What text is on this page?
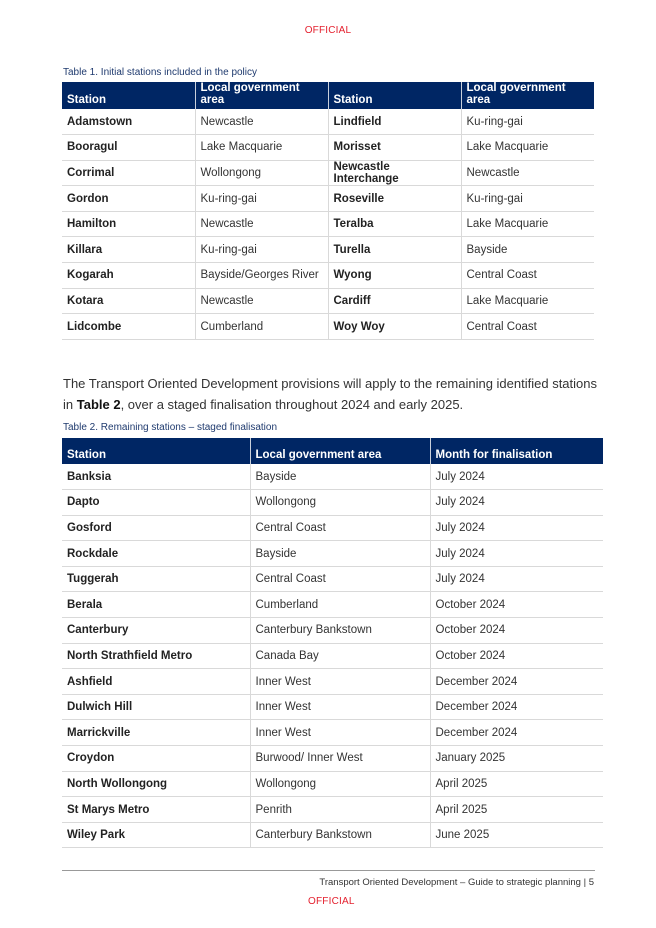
OFFICIAL
Table 1. Initial stations included in the policy
Station	Local government area	Station	Local government area
Adamstown	Newcastle	Lindfield	Ku-ring-gai
Booragul	Lake Macquarie	Morisset	Lake Macquarie
Corrimal	Wollongong	Newcastle Interchange	Newcastle
Gordon	Ku-ring-gai	Roseville	Ku-ring-gai
Hamilton	Newcastle	Teralba	Lake Macquarie
Killara	Ku-ring-gai	Turella	Bayside
Kogarah	Bayside/Georges River	Wyong	Central Coast
Kotara	Newcastle	Cardiff	Lake Macquarie
Lidcombe	Cumberland	Woy Woy	Central Coast
The Transport Oriented Development provisions will apply to the remaining identified stations in Table 2, over a staged finalisation throughout 2024 and early 2025.
Table 2. Remaining stations – staged finalisation
Station	Local government area	Month for finalisation
Banksia	Bayside	July 2024
Dapto	Wollongong	July 2024
Gosford	Central Coast	July 2024
Rockdale	Bayside	July 2024
Tuggerah	Central Coast	July 2024
Berala	Cumberland	October 2024
Canterbury	Canterbury Bankstown	October 2024
North Strathfield Metro	Canada Bay	October 2024
Ashfield	Inner West	December 2024
Dulwich Hill	Inner West	December 2024
Marrickville	Inner West	December 2024
Croydon	Burwood/ Inner West	January 2025
North Wollongong	Wollongong	April 2025
St Marys Metro	Penrith	April 2025
Wiley Park	Canterbury Bankstown	June 2025
Transport Oriented Development – Guide to strategic planning | 5
OFFICIAL
